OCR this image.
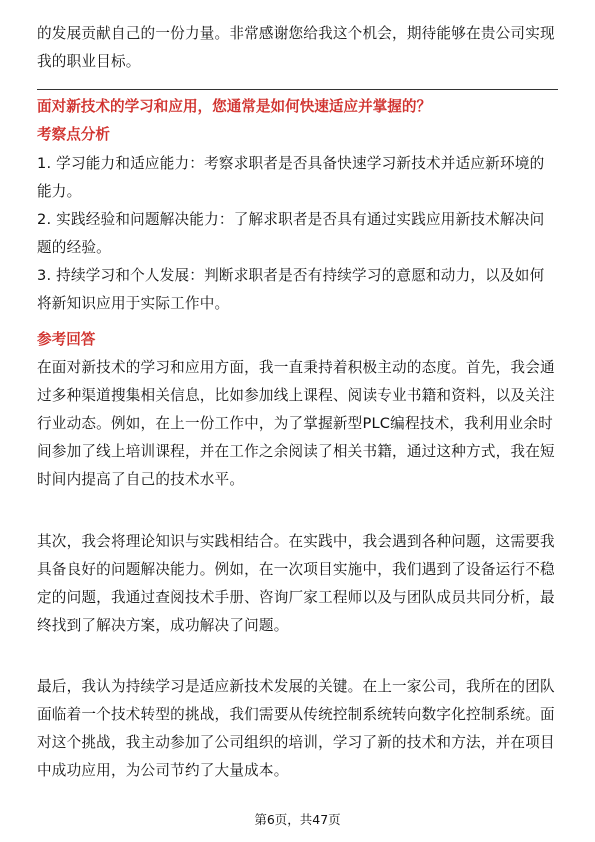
的发展贡献自己的一份力量。非常感谢您给我这个机会，期待能够在贵公司实现我的职业目标。

面对新技术的学习和应用，您通常是如何快速适应并掌握的？

考察点分析

1. 学习能力和适应能力：考察求职者是否具备快速学习新技术并适应新环境的能力。

2. 实践经验和问题解决能力：了解求职者是否具有通过实践应用新技术解决问题的经验。

3. 持续学习和个人发展：判断求职者是否有持续学习的意愿和动力，以及如何将新知识应用于实际工作中。

参考回答

在面对新技术的学习和应用方面，我一直秉持着积极主动的态度。首先，我会通过多种渠道搜集相关信息，比如参加线上课程、阅读专业书籍和资料，以及关注行业动态。例如，在上一份工作中，为了掌握新型PLC编程技术，我利用业余时间参加了线上培训课程，并在工作之余阅读了相关书籍，通过这种方式，我在短时间内提高了自己的技术水平。

其次，我会将理论知识与实践相结合。在实践中，我会遇到各种问题，这需要我具备良好的问题解决能力。例如，在一次项目实施中，我们遇到了设备运行不稳定的问题，我通过查阅技术手册、咨询厂家工程师以及与团队成员共同分析，最终找到了解决方案，成功解决了问题。

最后，我认为持续学习是适应新技术发展的关键。在上一家公司，我所在的团队面临着一个技术转型的挑战，我们需要从传统控制系统转向数字化控制系统。面对这个挑战，我主动参加了公司组织的培训，学习了新的技术和方法，并在项目中成功应用，为公司节约了大量成本。

第6页，共47页
